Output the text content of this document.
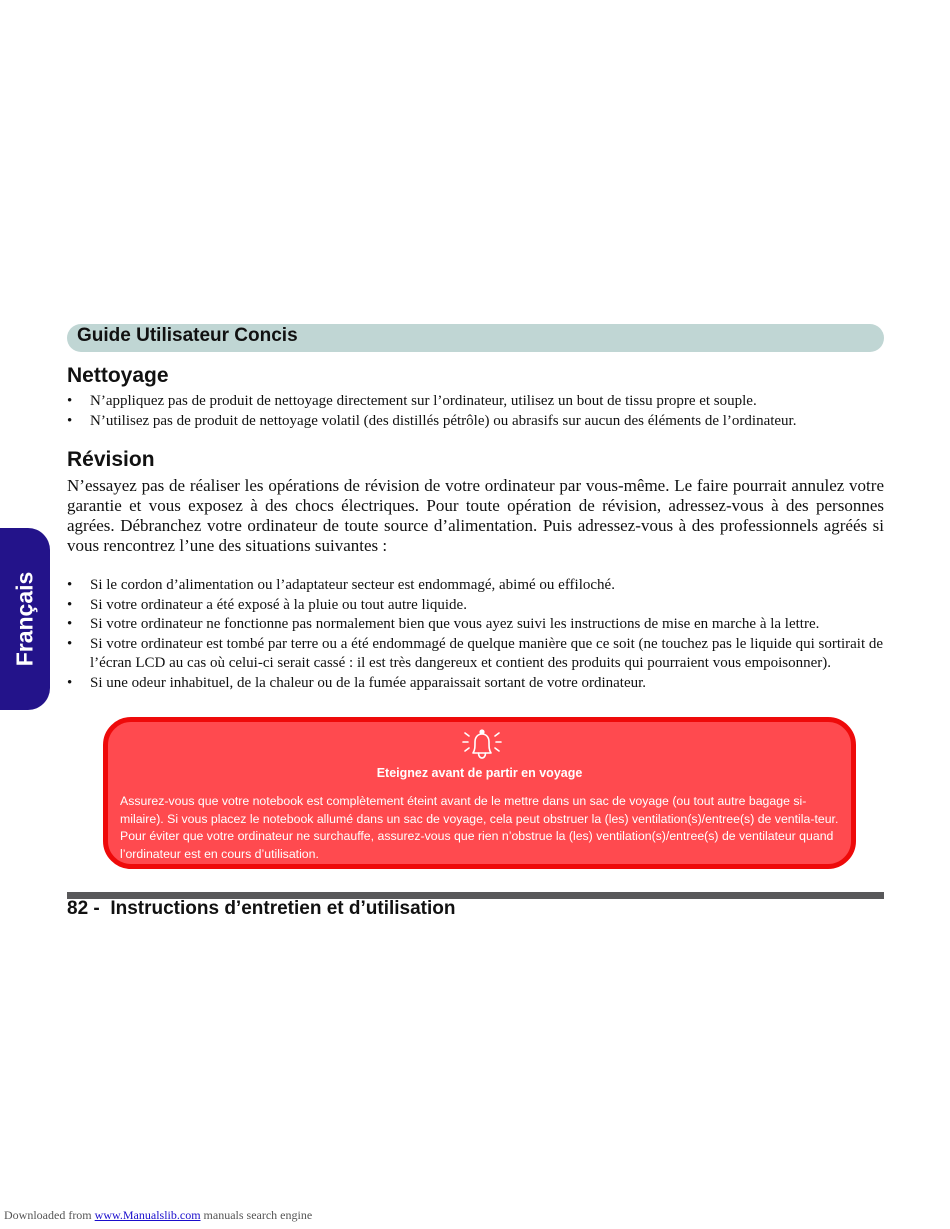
Guide Utilisateur Concis
Français
Nettoyage
• N’appliquez pas de produit de nettoyage directement sur l’ordinateur, utilisez un bout de tissu propre et souple.
• N’utilisez pas de produit de nettoyage volatil (des distillés pétrôle) ou abrasifs sur aucun des éléments de l’ordinateur.
Révision

N’essayez pas de réaliser les opérations de révision de votre ordinateur par vous-même. Le faire pourrait annulez votre garantie et vous exposez à des chocs électriques. Pour toute opération de révision, adressez-vous à des personnes agrées. Débranchez votre ordinateur de toute source d’alimentation. Puis adressez-vous à des professionnels agréés si vous rencontrez l’une des situations suivantes :

• Si le cordon d’alimentation ou l’adaptateur secteur est endommagé, abimé ou effiloché.
• Si votre ordinateur a été exposé à la pluie ou tout autre liquide.
• Si votre ordinateur ne fonctionne pas normalement bien que vous ayez suivi les instructions de mise en marche à la lettre.
• Si votre ordinateur est tombé par terre ou a été endommagé de quelque manière que ce soit (ne touchez pas le liquide qui sortirait de l’écran LCD au cas où celui-ci serait cassé : il est très dangereux et contient des produits qui pourraient vous empoisonner).
• Si une odeur inhabituel, de la chaleur ou de la fumée apparaissait sortant de votre ordinateur.
Eteignez avant de partir en voyage
Assurez-vous que votre notebook est complètement éteint avant de le mettre dans un sac de voyage (ou tout autre bagage si-milaire). Si vous placez le notebook allumé dans un sac de voyage, cela peut obstruer la (les) ventilation(s)/entree(s) de ventila-teur. Pour éviter que votre ordinateur ne surchauffe, assurez-vous que rien n’obstrue la (les) ventilation(s)/entree(s) de ventilateur quand l’ordinateur est en cours d’utilisation.
82 - Instructions d’entretien et d’utilisation
Downloaded from www.Manualslib.com manuals search engine
